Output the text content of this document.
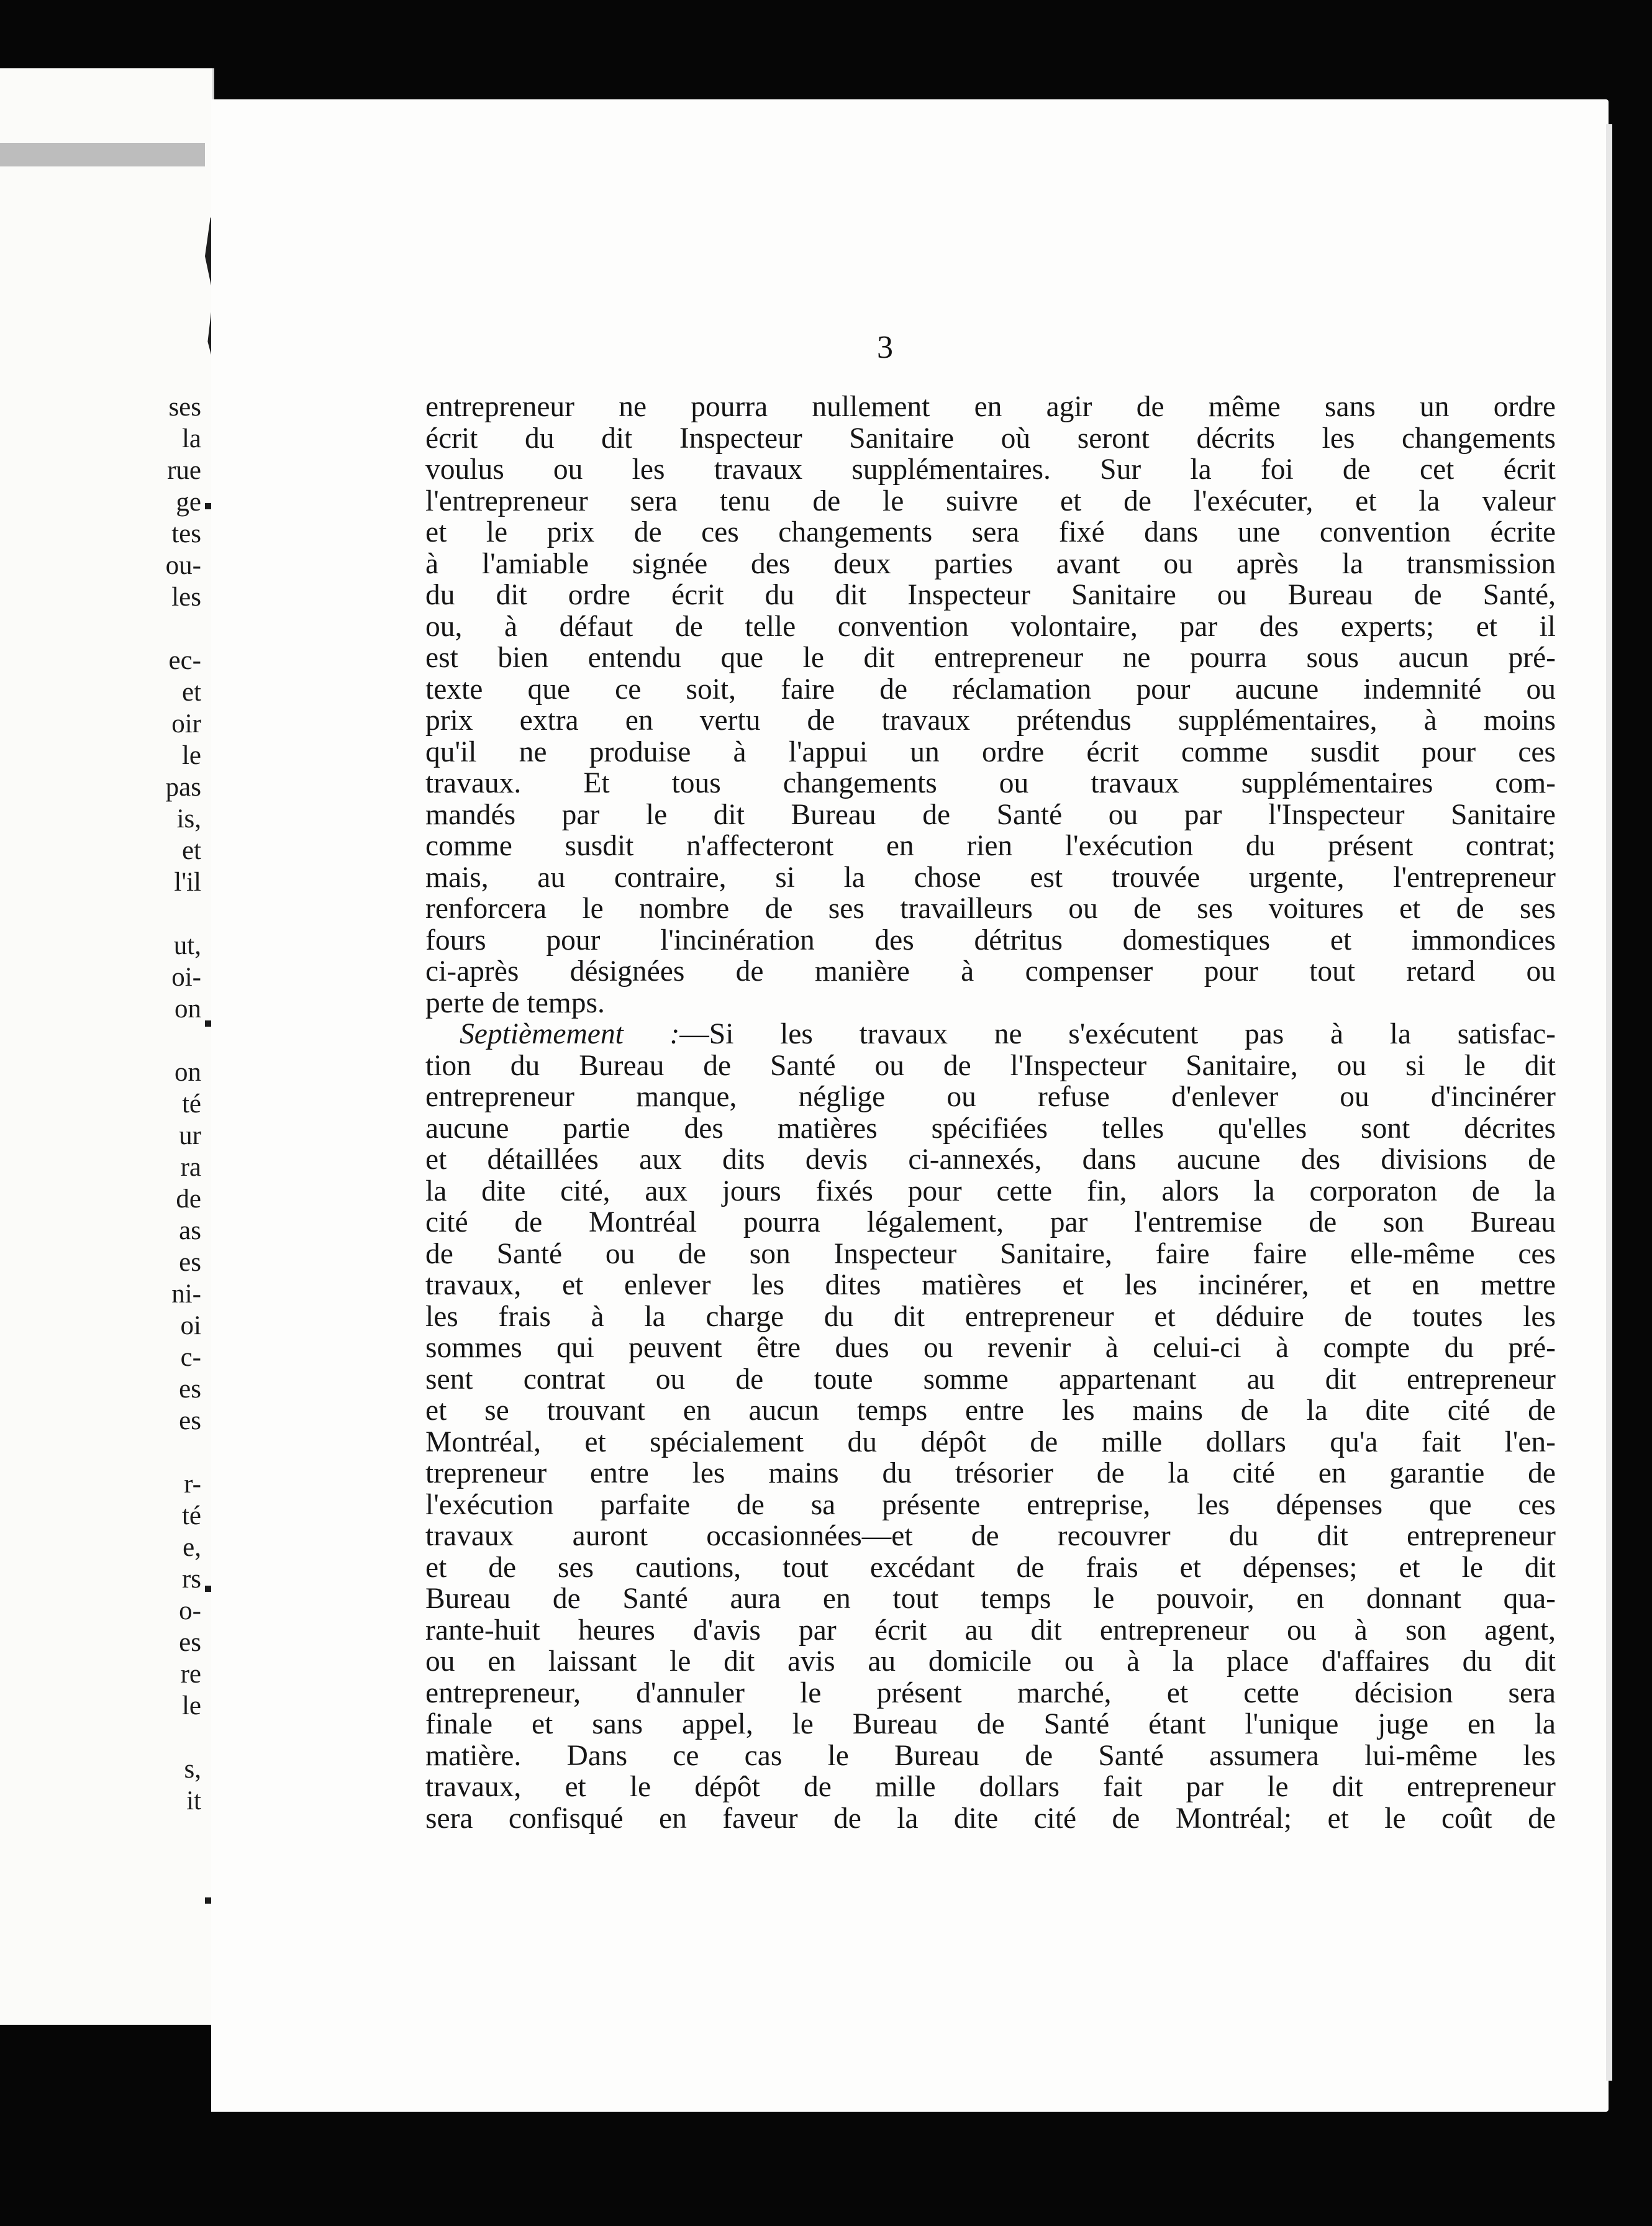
ses
la
rue
ge
tes
ou-
les
ec-
et
oir
le
pas
is,
et
l'il
ut,
oi-
on
on
té
ur
ra
de
as
es
ni-
oi
c-
es
es
r-
té
e,
rs
o-
es
re
le
s,
it
3
entrepreneur ne pourra nullement en agir de même sans un ordre
écrit du dit Inspecteur Sanitaire où seront décrits les changements
voulus ou les travaux supplémentaires. Sur la foi de cet écrit
l'entrepreneur sera tenu de le suivre et de l'exécuter, et la valeur
et le prix de ces changements sera fixé dans une convention écrite
à l'amiable signée des deux parties avant ou après la transmission
du dit ordre écrit du dit Inspecteur Sanitaire ou Bureau de Santé,
ou, à défaut de telle convention volontaire, par des experts; et il
est bien entendu que le dit entrepreneur ne pourra sous aucun pré-
texte que ce soit, faire de réclamation pour aucune indemnité ou
prix extra en vertu de travaux prétendus supplémentaires, à moins
qu'il ne produise à l'appui un ordre écrit comme susdit pour ces
travaux. Et tous changements ou travaux supplémentaires com-
mandés par le dit Bureau de Santé ou par l'Inspecteur Sanitaire
comme susdit n'affecteront en rien l'exécution du présent contrat;
mais, au contraire, si la chose est trouvée urgente, l'entrepreneur
renforcera le nombre de ses travailleurs ou de ses voitures et de ses
fours pour l'incinération des détritus domestiques et immondices
ci-après désignées de manière à compenser pour tout retard ou
perte de temps.
Septièmement :—Si les travaux ne s'exécutent pas à la satisfac-
tion du Bureau de Santé ou de l'Inspecteur Sanitaire, ou si le dit
entrepreneur manque, néglige ou refuse d'enlever ou d'incinérer
aucune partie des matières spécifiées telles qu'elles sont décrites
et détaillées aux dits devis ci-annexés, dans aucune des divisions de
la dite cité, aux jours fixés pour cette fin, alors la corporaton de la
cité de Montréal pourra légalement, par l'entremise de son Bureau
de Santé ou de son Inspecteur Sanitaire, faire faire elle-même ces
travaux, et enlever les dites matières et les incinérer, et en mettre
les frais à la charge du dit entrepreneur et déduire de toutes les
sommes qui peuvent être dues ou revenir à celui-ci à compte du pré-
sent contrat ou de toute somme appartenant au dit entrepreneur
et se trouvant en aucun temps entre les mains de la dite cité de
Montréal, et spécialement du dépôt de mille dollars qu'a fait l'en-
trepreneur entre les mains du trésorier de la cité en garantie de
l'exécution parfaite de sa présente entreprise, les dépenses que ces
travaux auront occasionnées—et de recouvrer du dit entrepreneur
et de ses cautions, tout excédant de frais et dépenses; et le dit
Bureau de Santé aura en tout temps le pouvoir, en donnant qua-
rante-huit heures d'avis par écrit au dit entrepreneur ou à son agent,
ou en laissant le dit avis au domicile ou à la place d'affaires du dit
entrepreneur, d'annuler le présent marché, et cette décision sera
finale et sans appel, le Bureau de Santé étant l'unique juge en la
matière. Dans ce cas le Bureau de Santé assumera lui-même les
travaux, et le dépôt de mille dollars fait par le dit entrepreneur
sera confisqué en faveur de la dite cité de Montréal; et le coût de
